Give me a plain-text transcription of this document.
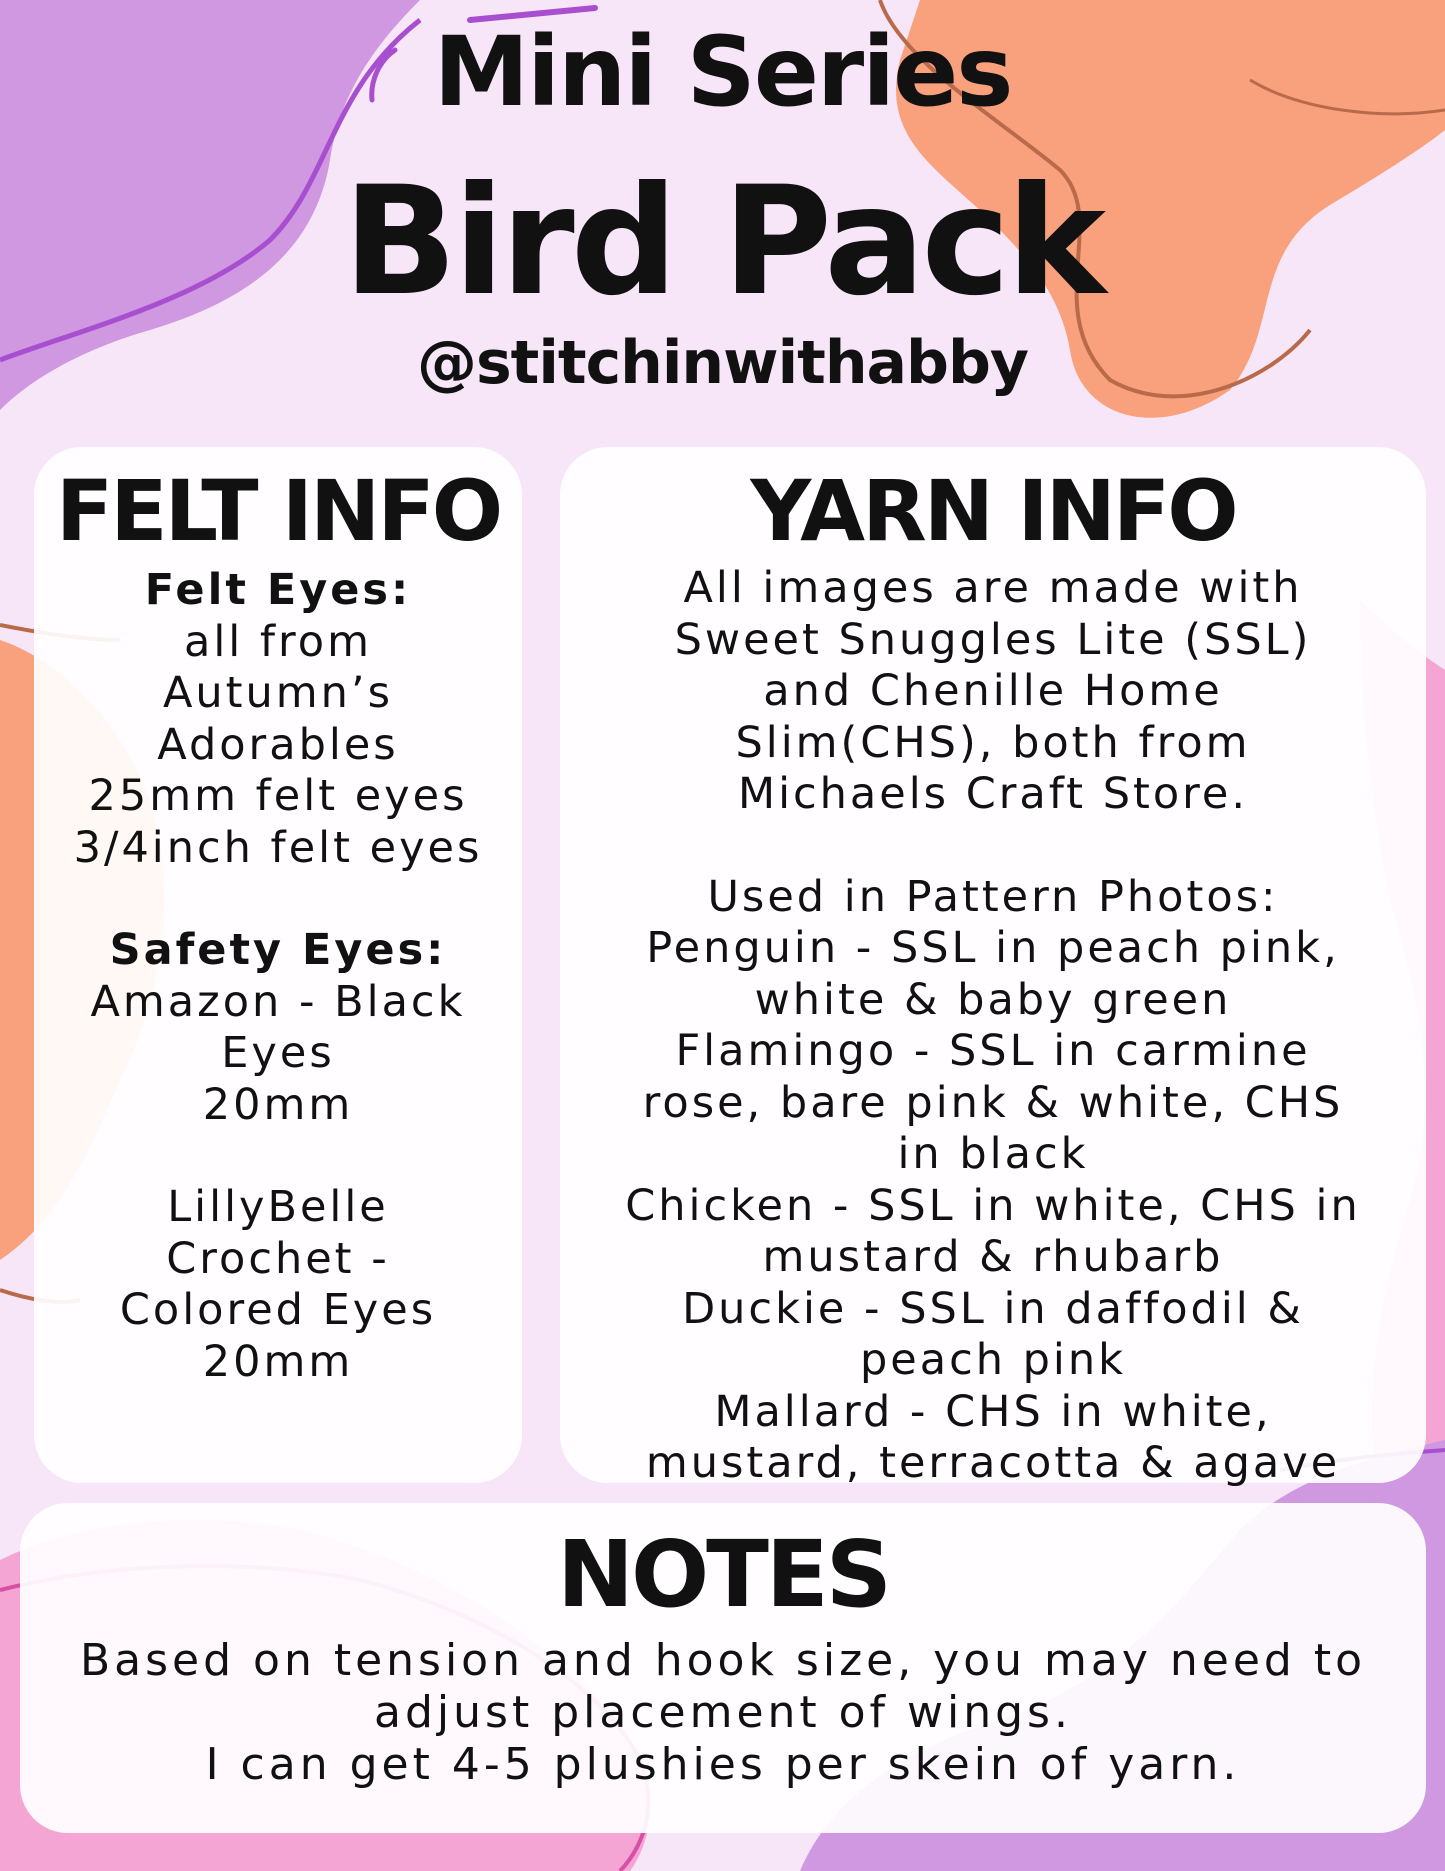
Mini Series
Bird Pack
@stitchinwithabby
FELT INFO
Felt Eyes:
all from
Autumn’s
Adorables
25mm felt eyes
3/4inch felt eyes
Safety Eyes:
Amazon - Black
Eyes
20mm
LillyBelle
Crochet -
Colored Eyes
20mm
YARN INFO
All images are made with
Sweet Snuggles Lite (SSL)
and Chenille Home
Slim(CHS), both from
Michaels Craft Store.
Used in Pattern Photos:
Penguin - SSL in peach pink,
white & baby green
Flamingo - SSL in carmine
rose, bare pink & white, CHS
in black
Chicken - SSL in white, CHS in
mustard & rhubarb
Duckie - SSL in daffodil &
peach pink
Mallard - CHS in white,
mustard, terracotta & agave
NOTES
Based on tension and hook size, you may need to
adjust placement of wings.
I can get 4-5 plushies per skein of yarn.
